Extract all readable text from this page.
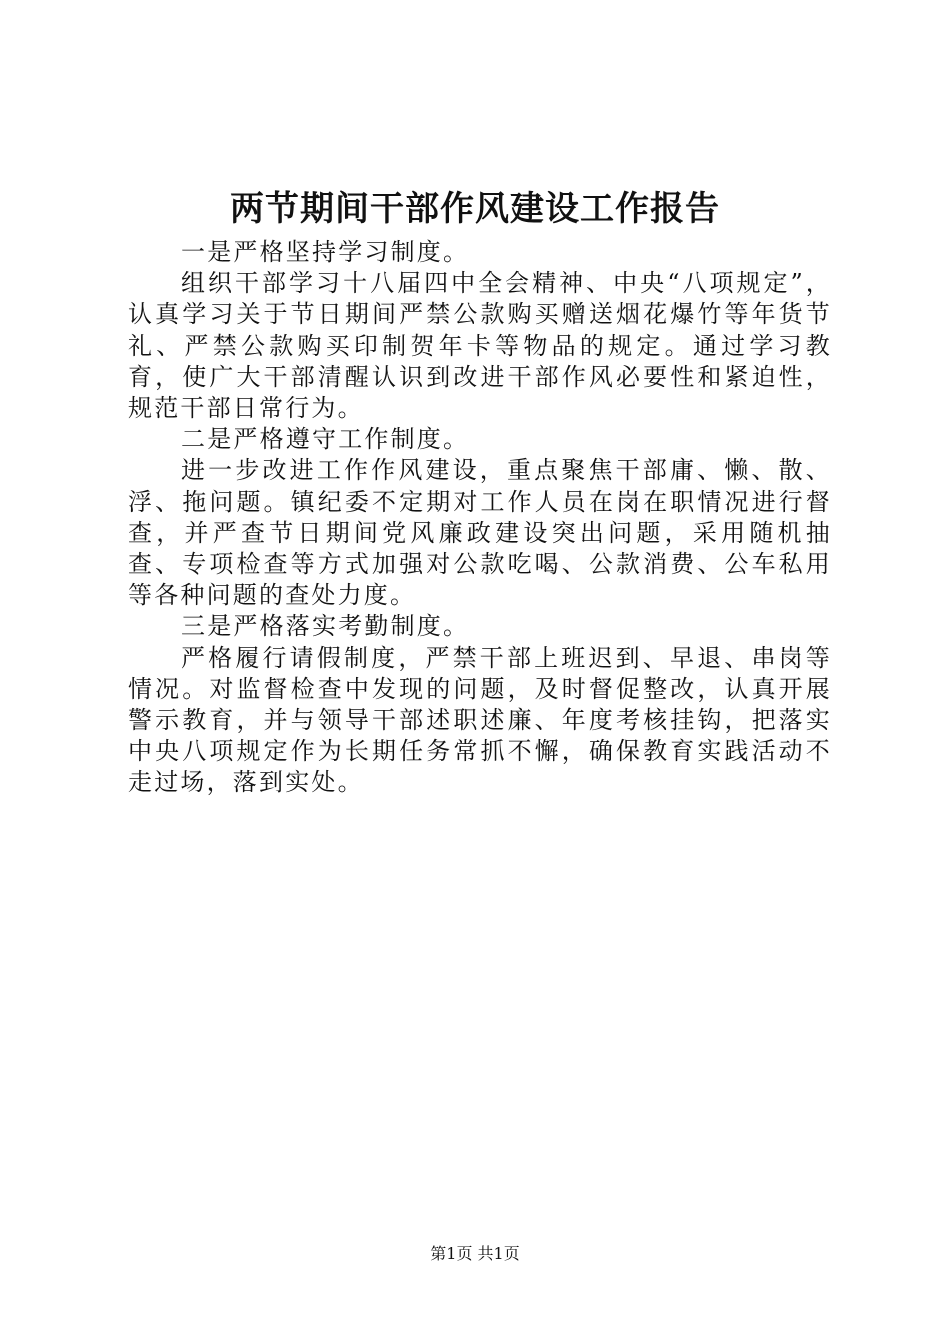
两节期间干部作风建设工作报告

一是严格坚持学习制度。

组织干部学习十八届四中全会精神、中央“八项规定”，认真学习关于节日期间严禁公款购买赠送烟花爆竹等年货节礼、严禁公款购买印制贺年卡等物品的规定。通过学习教育，使广大干部清醒认识到改进干部作风必要性和紧迫性，规范干部日常行为。

二是严格遵守工作制度。

进一步改进工作作风建设，重点聚焦干部庸、懒、散、浮、拖问题。镇纪委不定期对工作人员在岗在职情况进行督查，并严查节日期间党风廉政建设突出问题，采用随机抽查、专项检查等方式加强对公款吃喝、公款消费、公车私用等各种问题的查处力度。

三是严格落实考勤制度。

严格履行请假制度，严禁干部上班迟到、早退、串岗等情况。对监督检查中发现的问题，及时督促整改，认真开展警示教育，并与领导干部述职述廉、年度考核挂钩，把落实中央八项规定作为长期任务常抓不懈，确保教育实践活动不走过场，落到实处。

第1页 共1页
